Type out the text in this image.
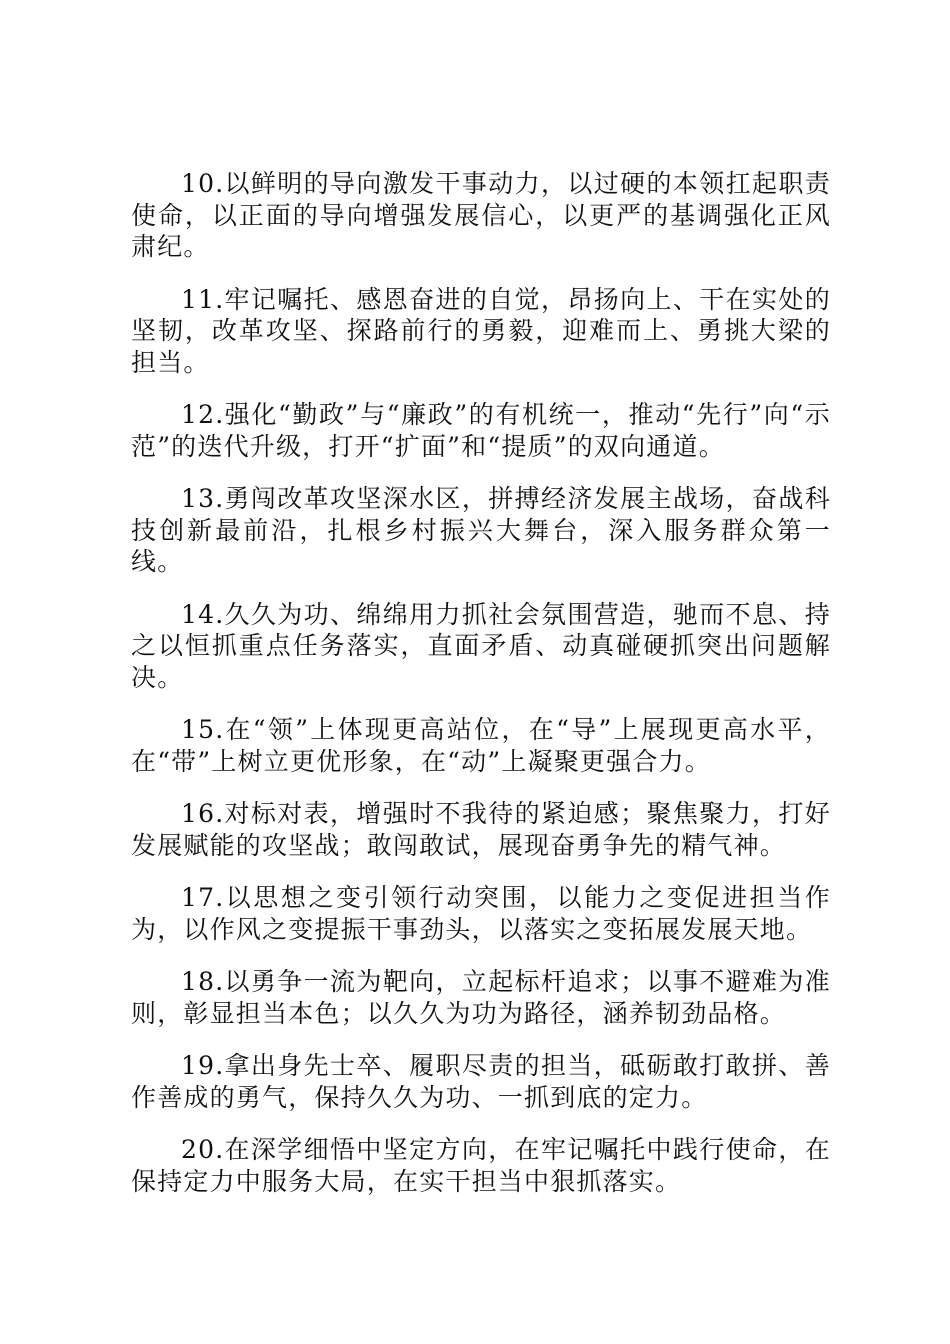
10.以鲜明的导向激发干事动力，以过硬的本领扛起职责使命，以正面的导向增强发展信心，以更严的基调强化正风肃纪。

11.牢记嘱托、感恩奋进的自觉，昂扬向上、干在实处的坚韧，改革攻坚、探路前行的勇毅，迎难而上、勇挑大梁的担当。

12.强化“勤政”与“廉政”的有机统一，推动“先行”向“示范”的迭代升级，打开“扩面”和“提质”的双向通道。

13.勇闯改革攻坚深水区，拼搏经济发展主战场，奋战科技创新最前沿，扎根乡村振兴大舞台，深入服务群众第一线。

14.久久为功、绵绵用力抓社会氛围营造，驰而不息、持之以恒抓重点任务落实，直面矛盾、动真碰硬抓突出问题解决。

15.在“领”上体现更高站位，在“导”上展现更高水平，在“带”上树立更优形象，在“动”上凝聚更强合力。

16.对标对表，增强时不我待的紧迫感；聚焦聚力，打好发展赋能的攻坚战；敢闯敢试，展现奋勇争先的精气神。

17.以思想之变引领行动突围，以能力之变促进担当作为，以作风之变提振干事劲头，以落实之变拓展发展天地。

18.以勇争一流为靶向，立起标杆追求；以事不避难为准则，彰显担当本色；以久久为功为路径，涵养韧劲品格。

19.拿出身先士卒、履职尽责的担当，砥砺敢打敢拼、善作善成的勇气，保持久久为功、一抓到底的定力。

20.在深学细悟中坚定方向，在牢记嘱托中践行使命，在保持定力中服务大局，在实干担当中狠抓落实。
